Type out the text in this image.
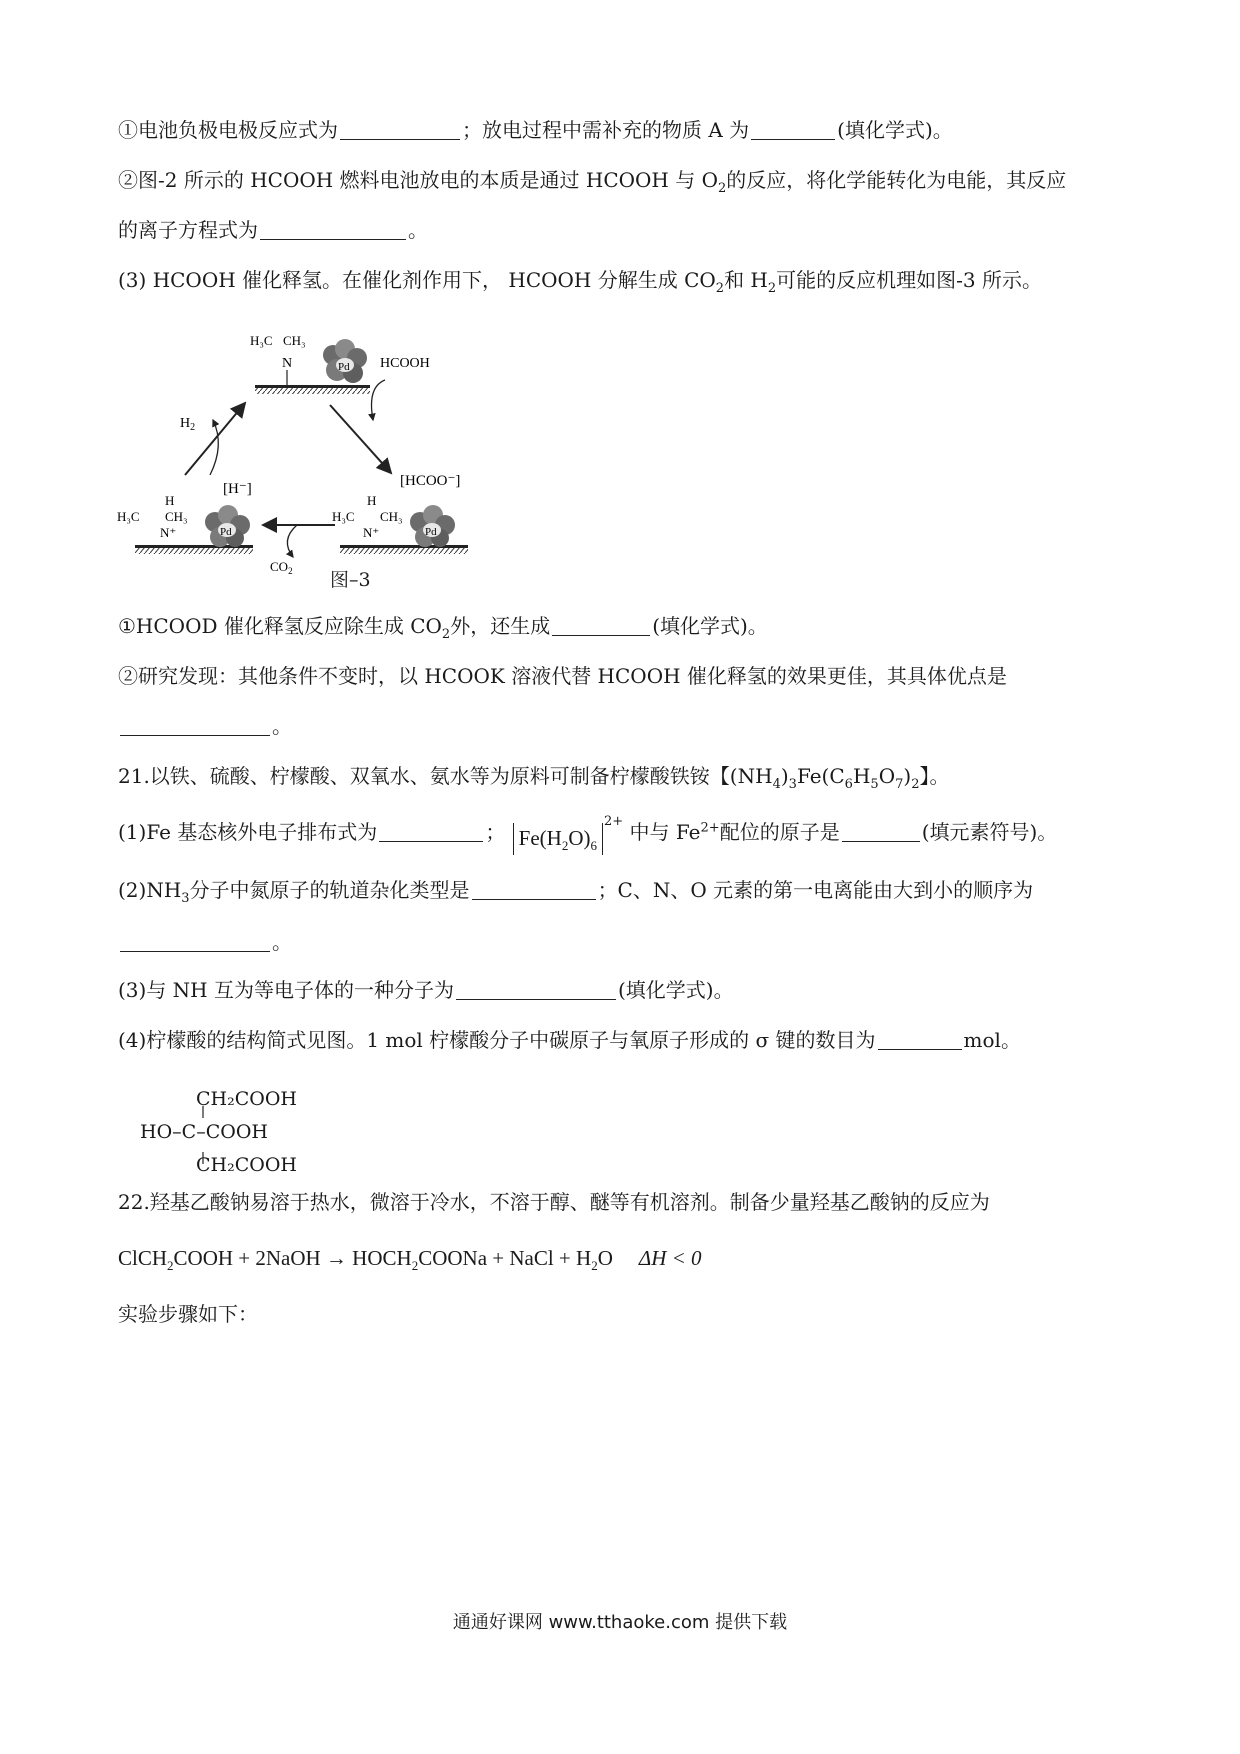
①电池负极电极反应式为	；放电过程中需补充的物质 A 为	(填化学式)。
②图-2 所示的 HCOOH 燃料电池放电的本质是通过 HCOOH 与 $O_2$的反应，将化学能转化为电能，其反应
的离子方程式为	。
(3) HCOOH 催化释氢。在催化剂作用下， HCOOH 分解生成 $CO_2$和 $H_2$可能的反应机理如图-3 所示。
H₃C CH₃
N	Pd
H
H₃C CH₃
N⁺	Pd
[H⁻]
H
H₃C CH₃
N⁺	Pd
[HCOO⁻]
$H_2$
HCOOH
$CO_2$ 图–3
①HCOOD 催化释氢反应除生成 $CO_2$外，还生成	(填化学式)。
②研究发现：其他条件不变时，以 HCOOK 溶液代替 HCOOH 催化释氢的效果更佳，其具体优点是
。
21.以铁、硫酸、柠檬酸、双氧水、氨水等为原料可制备柠檬酸铁铵【$(NH_4)_3Fe(C_6H_5O_7)_2$】。
(1)Fe 基态核外电子排布式为	； $Fe(H_2O)_6^{2+}$ 中与 $Fe^{2+}$配位的原子是	(填元素符号)。
$(2)NH_3$分子中氮原子的轨道杂化类型是	；C、N、O 元素的第一电离能由大到小的顺序为
。
(3)与 NH 互为等电子体的一种分子为	(填化学式)。
(4)柠檬酸的结构简式见图。1 mol 柠檬酸分子中碳原子与氧原子形成的 σ 键的数目为	mol。
CH₂COOH
HO–C–COOH
CH₂COOH
22.羟基乙酸钠易溶于热水，微溶于冷水，不溶于醇、醚等有机溶剂。制备少量羟基乙酸钠的反应为
ClCH$_2$COOH + 2NaOH → $HOCH_2COONa$ + NaCl + $H_2O$ ΔH < 0
实验步骤如下：
通通好课网 www.tthaoke.com 提供下载
